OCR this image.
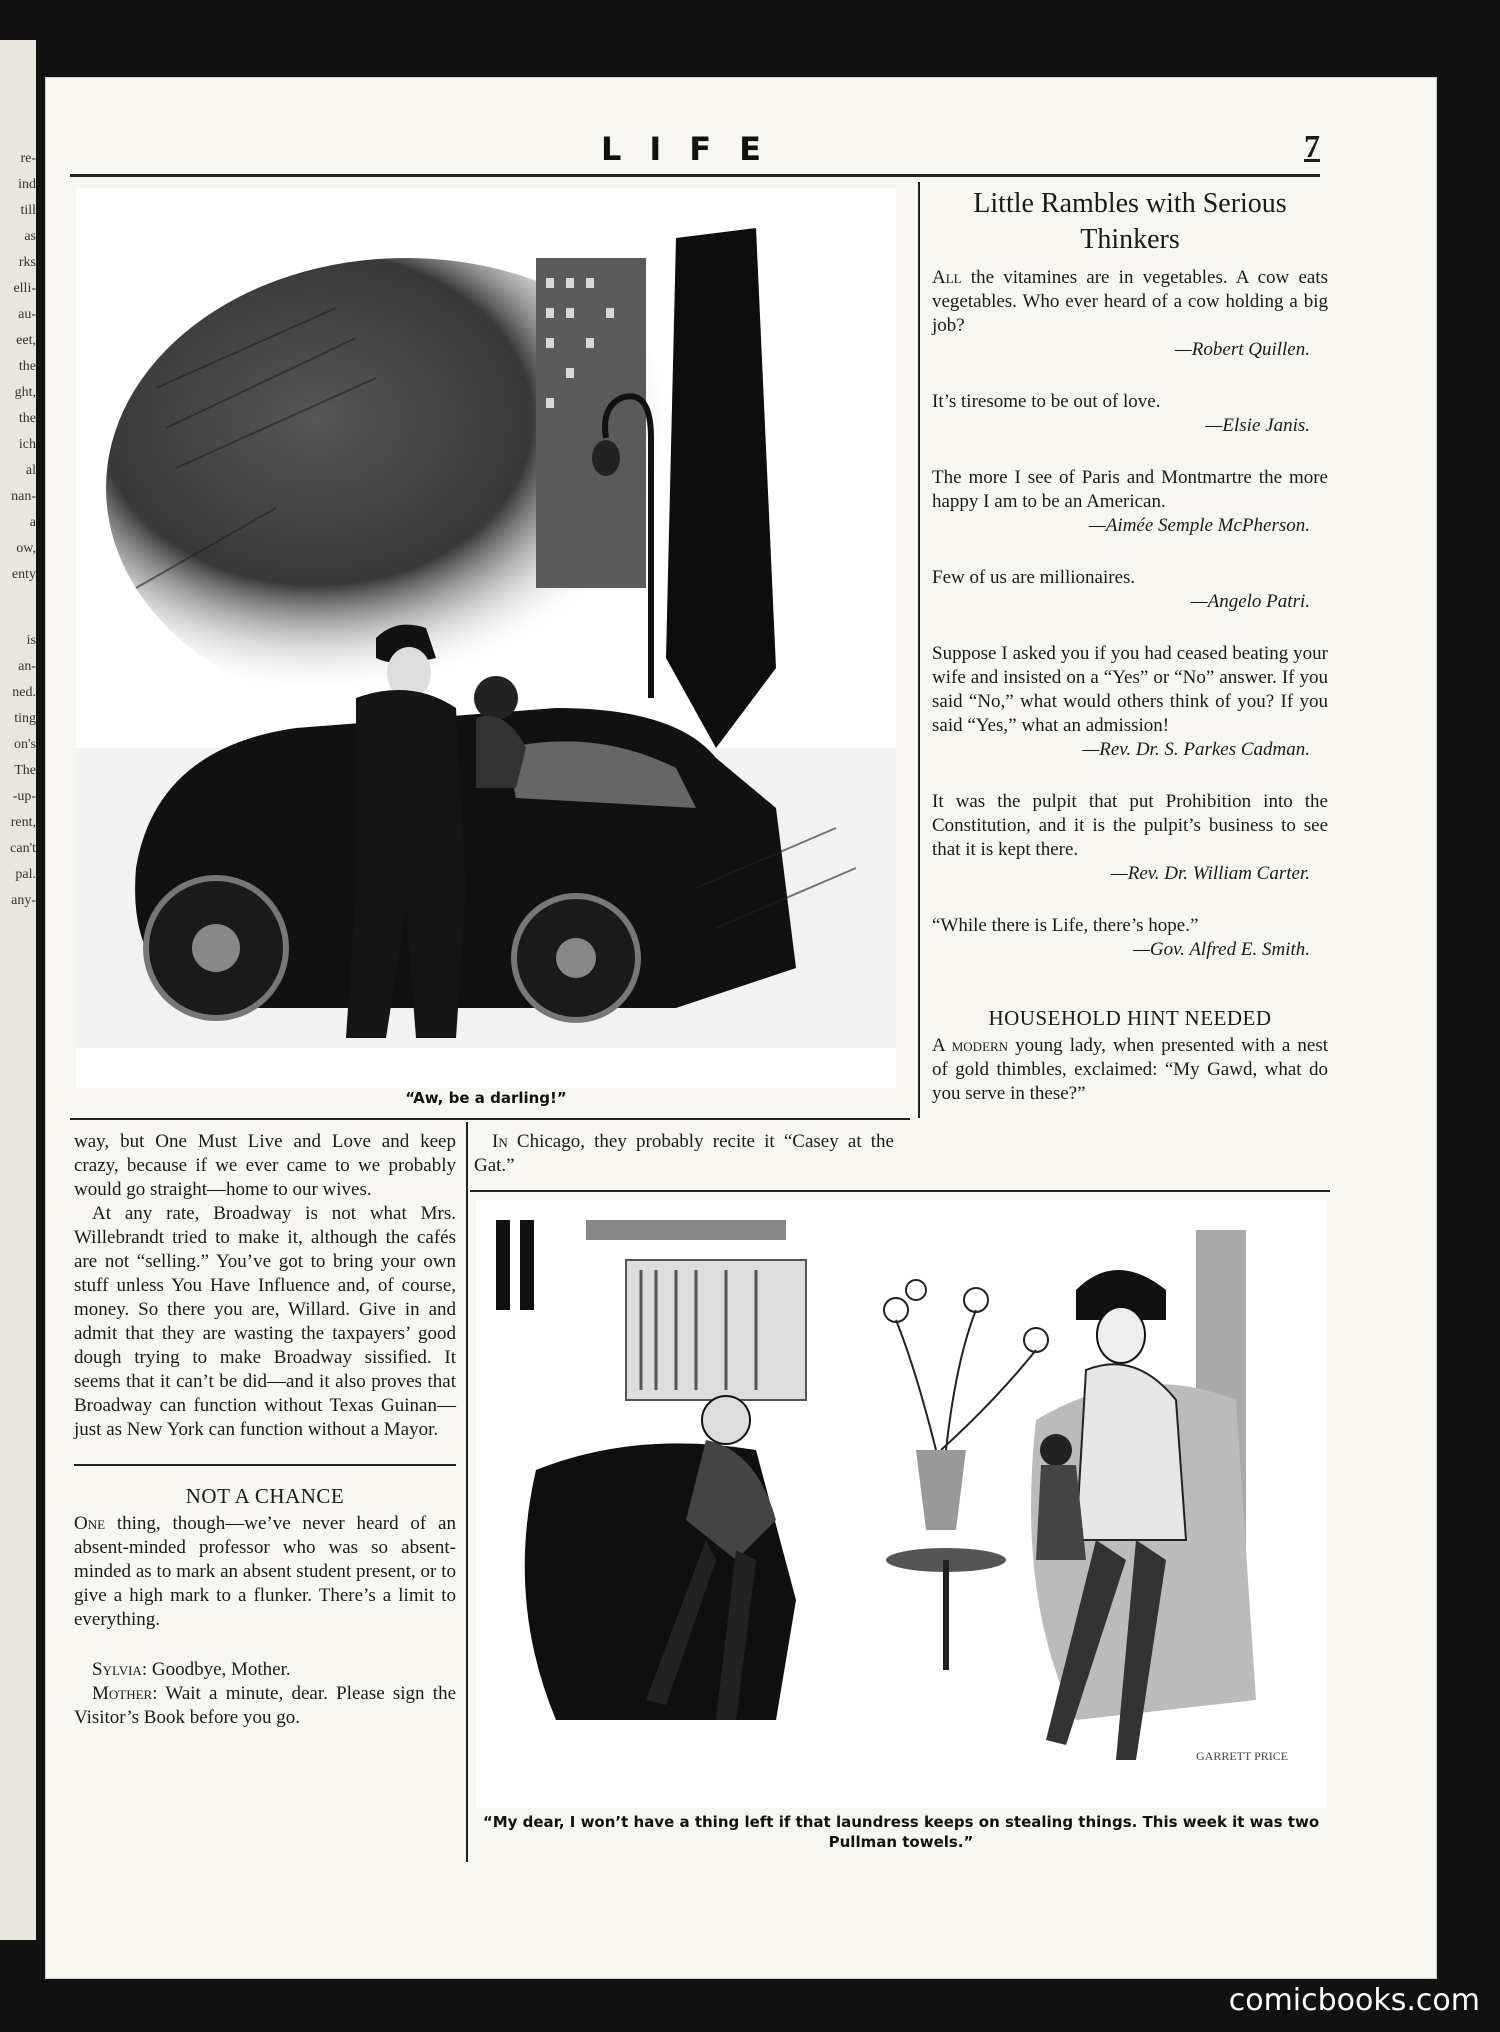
re-
ind
till
as
rks
elli-
au-
eet,
the
ght,
the
ich
al
nan-
a
ow,
enty
is
an-
ned.
ting
on's
The
-up-
rent,
can't
pal.
any-
LIFE	7
“Aw, be a darling!”
Little Rambles with Serious Thinkers
All the vitamines are in vegetables. A cow eats vegetables. Who ever heard of a cow holding a big job?
—Robert Quillen.
It’s tiresome to be out of love.
—Elsie Janis.
The more I see of Paris and Montmartre the more happy I am to be an American.
—Aimée Semple McPherson.
Few of us are millionaires.
—Angelo Patri.
Suppose I asked you if you had ceased beating your wife and insisted on a “Yes” or “No” answer. If you said “No,” what would others think of you? If you said “Yes,” what an admission!
—Rev. Dr. S. Parkes Cadman.
It was the pulpit that put Prohibition into the Constitution, and it is the pulpit’s business to see that it is kept there.
—Rev. Dr. William Carter.
“While there is Life, there’s hope.”
—Gov. Alfred E. Smith.
HOUSEHOLD HINT NEEDED

A modern young lady, when presented with a nest of gold thimbles, exclaimed: “My Gawd, what do you serve in these?”

way, but One Must Live and Love and keep crazy, because if we ever came to we probably would go straight—home to our wives.

At any rate, Broadway is not what Mrs. Willebrandt tried to make it, although the cafés are not “selling.” You’ve got to bring your own stuff unless You Have Influence and, of course, money. So there you are, Willard. Give in and admit that they are wasting the taxpayers’ good dough trying to make Broadway sissified. It seems that it can’t be did—and it also proves that Broadway can function without Texas Guinan—just as New York can function without a Mayor.

NOT A CHANCE

One thing, though—we’ve never heard of an absent-minded professor who was so absent-minded as to mark an absent student present, or to give a high mark to a flunker. There’s a limit to everything.

Sylvia: Goodbye, Mother.

Mother: Wait a minute, dear. Please sign the Visitor’s Book before you go.

In Chicago, they probably recite it “Casey at the Gat.”

GARRETT PRICE
“My dear, I won’t have a thing left if that laundress keeps on stealing things. This week it was two Pullman towels.”
comicbooks.com
